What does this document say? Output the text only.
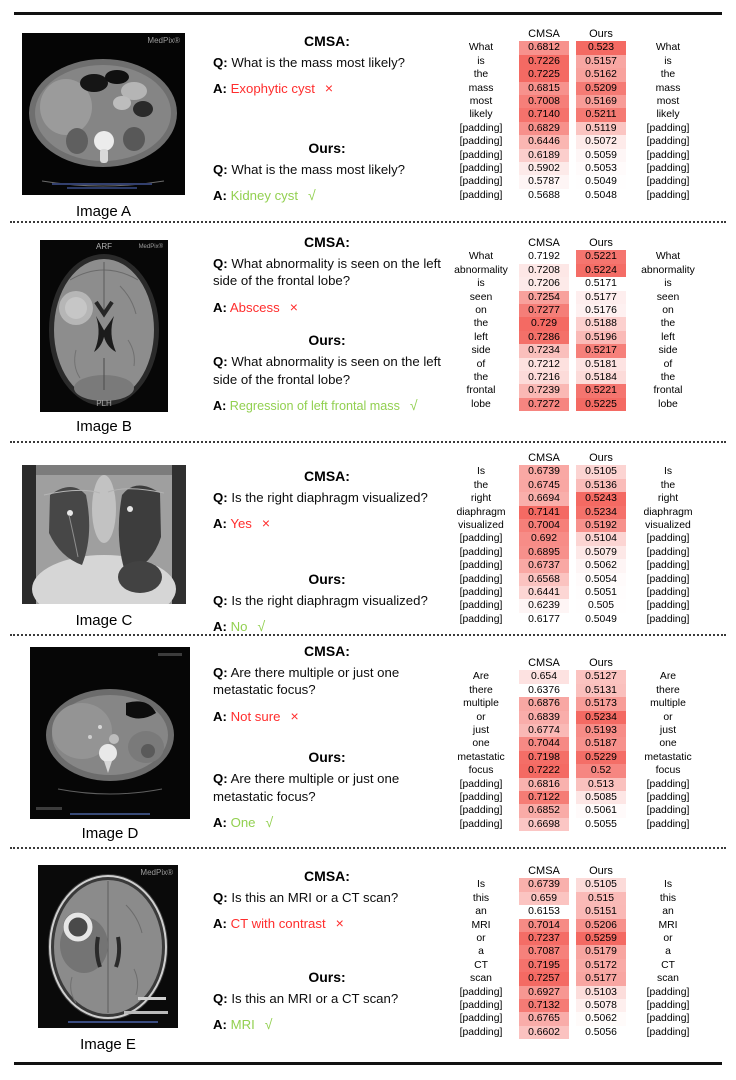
MedPix®
Image A
CMSA:

Q: What is the mass most likely?

A: Exophytic cyst ×

Ours:

Q: What is the mass most likely?

A: Kidney cyst √

CMSA	Ours
What	0.6812	0.523	What
is	0.7226	0.5157	is
the	0.7225	0.5162	the
mass	0.6815	0.5209	mass
most	0.7008	0.5169	most
likely	0.7140	0.5211	likely
[padding]	0.6829	0.5119	[padding]
[padding]	0.6446	0.5072	[padding]
[padding]	0.6189	0.5059	[padding]
[padding]	0.5902	0.5053	[padding]
[padding]	0.5787	0.5049	[padding]
[padding]	0.5688	0.5048	[padding]
ARF	MedPix®
PLH
Image B
CMSA:

Q: What abnormality is seen on the left side of the frontal lobe?

A: Abscess ×

Ours:

Q: What abnormality is seen on the left side of the frontal lobe?

A: Regression of left frontal mass √

CMSA	Ours
What	0.7192	0.5221	What
abnormality	0.7208	0.5224	abnormality
is	0.7206	0.5171	is
seen	0.7254	0.5177	seen
on	0.7277	0.5176	on
the	0.729	0.5188	the
left	0.7286	0.5196	left
side	0.7234	0.5217	side
of	0.7212	0.5181	of
the	0.7216	0.5184	the
frontal	0.7239	0.5221	frontal
lobe	0.7272	0.5225	lobe
Image C
CMSA:

Q: Is the right diaphragm visualized?

A: Yes ×

Ours:

Q: Is the right diaphragm visualized?

A: No √

CMSA	Ours
Is	0.6739	0.5105	Is
the	0.6745	0.5136	the
right	0.6694	0.5243	right
diaphragm	0.7141	0.5234	diaphragm
visualized	0.7004	0.5192	visualized
[padding]	0.692	0.5104	[padding]
[padding]	0.6895	0.5079	[padding]
[padding]	0.6737	0.5062	[padding]
[padding]	0.6568	0.5054	[padding]
[padding]	0.6441	0.5051	[padding]
[padding]	0.6239	0.505	[padding]
[padding]	0.6177	0.5049	[padding]
Image D
CMSA:

Q: Are there multiple or just one metastatic focus?

A: Not sure ×

Ours:

Q: Are there multiple or just one metastatic focus?

A: One √

CMSA	Ours
Are	0.654	0.5127	Are
there	0.6376	0.5131	there
multiple	0.6876	0.5173	multiple
or	0.6839	0.5234	or
just	0.6774	0.5193	just
one	0.7044	0.5187	one
metastatic	0.7198	0.5229	metastatic
focus	0.7222	0.52	focus
[padding]	0.6816	0.513	[padding]
[padding]	0.7122	0.5085	[padding]
[padding]	0.6852	0.5061	[padding]
[padding]	0.6698	0.5055	[padding]
MedPix®
Image E
CMSA:

Q: Is this an MRI or a CT scan?

A: CT with contrast ×

Ours:

Q: Is this an MRI or a CT scan?

A: MRI √

CMSA	Ours
Is	0.6739	0.5105	Is
this	0.659	0.515	this
an	0.6153	0.5151	an
MRI	0.7014	0.5206	MRI
or	0.7237	0.5259	or
a	0.7087	0.5179	a
CT	0.7195	0.5172	CT
scan	0.7257	0.5177	scan
[padding]	0.6927	0.5103	[padding]
[padding]	0.7132	0.5078	[padding]
[padding]	0.6765	0.5062	[padding]
[padding]	0.6602	0.5056	[padding]
